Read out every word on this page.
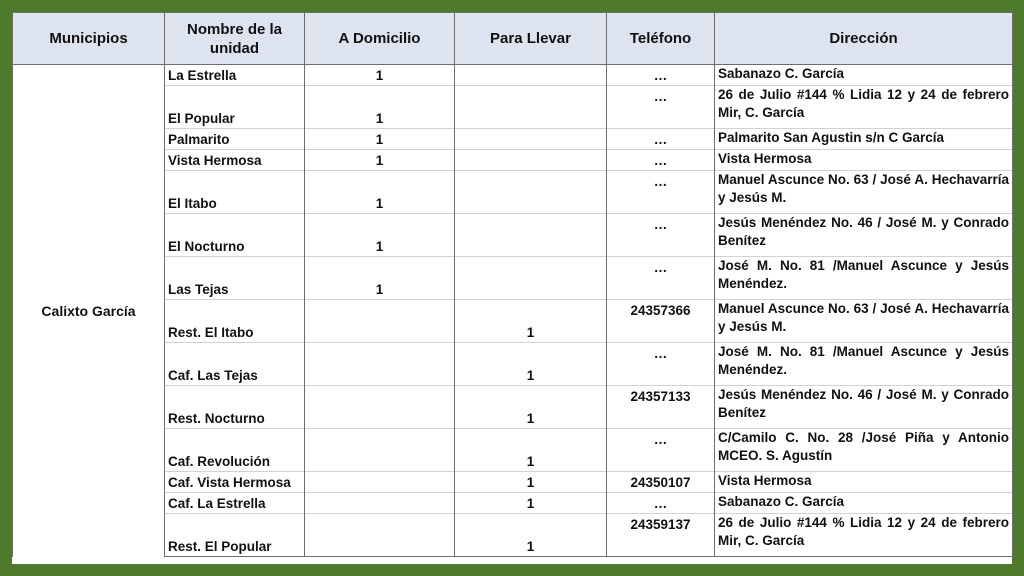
Municipios	Nombre de la unidad	A Domicilio	Para Llevar	Teléfono	Dirección
Calixto García	La Estrella	1		…	Sabanazo C. García
	El Popular	1		…	26 de Julio #144 % Lidia 12 y 24 de febrero Mir, C. García
	Palmarito	1		…	Palmarito San Agustin s/n C García
	Vista Hermosa	1		…	Vista Hermosa
	El Itabo	1		…	Manuel Ascunce No. 63 / José A. Hechavarría y Jesús M.
	El Nocturno	1		…	Jesús Menéndez No. 46 / José M. y Conrado Benítez
	Las Tejas	1		…	José M. No. 81 /Manuel Ascunce y Jesús Menéndez.
	Rest. El Itabo		1	24357366	Manuel Ascunce No. 63 / José A. Hechavarría y Jesús M.
	Caf. Las Tejas		1	…	José M. No. 81 /Manuel Ascunce y Jesús Menéndez.
	Rest. Nocturno		1	24357133	Jesús Menéndez No. 46 / José M. y Conrado Benítez
	Caf. Revolución		1	…	C/Camilo C. No. 28 /José Piña y Antonio MCEO. S. Agustín
	Caf. Vista Hermosa		1	24350107	Vista Hermosa
	Caf. La Estrella		1	…	Sabanazo C. García
	Rest. El Popular		1	24359137	26 de Julio #144 % Lidia 12 y 24 de febrero Mir, C. García
